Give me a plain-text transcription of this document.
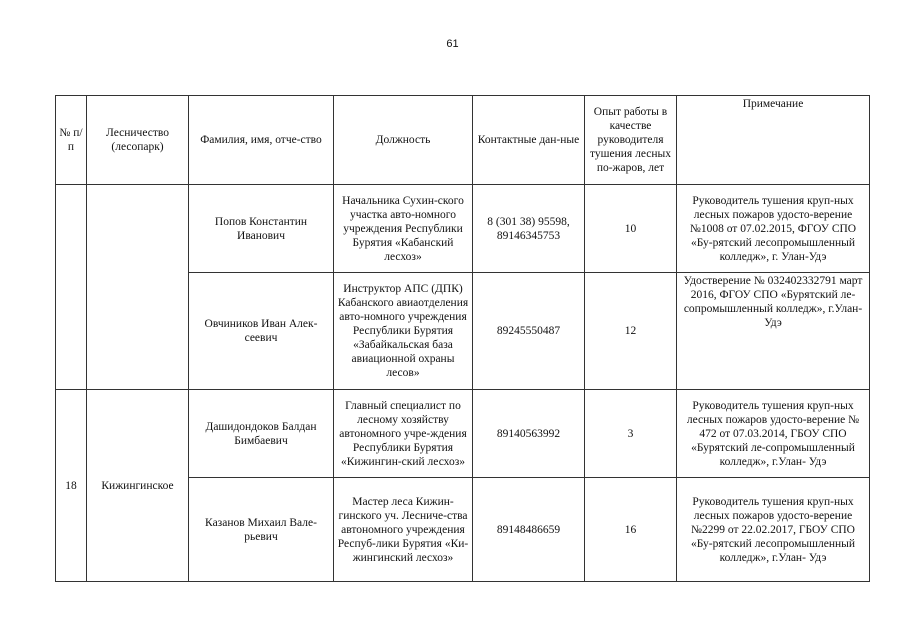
61
№ п/п	Лесничество (лесопарк)	Фамилия, имя, отче-ство	Должность	Контактные дан-ные	Опыт работы в качестве руководителя тушения лесных по-жаров, лет	Примечание
		Попов Константин Иванович	Начальника Сухин-ского участка авто-номного учреждения Республики Бурятия «Кабанский лесхоз»	8 (301 38) 95598, 89146345753	10	Руководитель тушения круп-ных лесных пожаров удосто-верение №1008 от 07.02.2015, ФГОУ СПО «Бу-рятский лесопромышленный колледж», г. Улан-Удэ
		Овчиников Иван Алек-сеевич	Инструктор АПС (ДПК) Кабанского авиаотделения авто-номного учреждения Республики Бурятия «Забайкальская база авиационной охраны лесов»	89245550487	12	Удостверение № 032402332791 март 2016, ФГОУ СПО «Бурятский ле-сопромышленный колледж», г.Улан-Удэ
18	Кижингинское	Дашидондоков Балдан Бимбаевич	Главный специалист по лесному хозяйству автономного учре-ждения Республики Бурятия «Кижингин-ский лесхоз»	89140563992	3	Руководитель тушения круп-ных лесных пожаров удосто-верение № 472 от 07.03.2014, ГБОУ СПО «Бурятский ле-сопромышленный колледж», г.Улан- Удэ
		Казанов Михаил Вале-рьевич	Мастер леса Кижин-гинского уч. Лесниче-ства автономного учреждения Респуб-лики Бурятия «Ки-жингинский лесхоз»	89148486659	16	Руководитель тушения круп-ных лесных пожаров удосто-верение №2299 от 22.02.2017, ГБОУ СПО «Бу-рятский лесопромышленный колледж», г.Улан- Удэ
